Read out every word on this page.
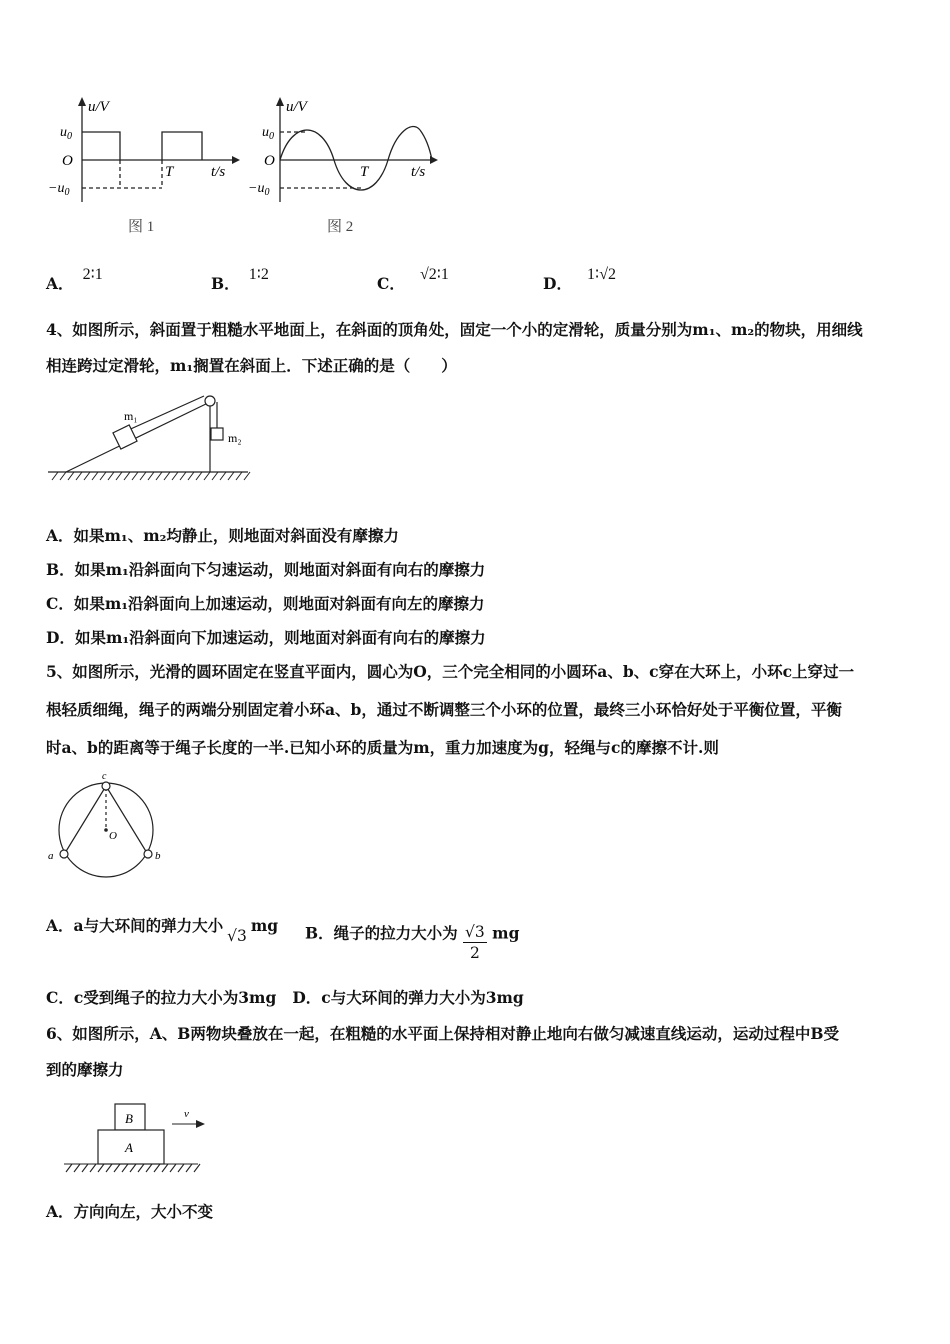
u/V
$u_0$
O
$-u_0$
T	t/s
图 1
u/V
$u_0$
O
$-u_0$
T	t/s
图 2
A． 2∶1	B． 1∶2	C． √2∶1	D． 1∶√2
4、如图所示，斜面置于粗糙水平地面上，在斜面的顶角处，固定一个小的定滑轮，质量分别为m₁、m₂的物块，用细线
相连跨过定滑轮，m₁搁置在斜面上．下述正确的是（　　）
m₁
m₂
A．如果m₁、m₂均静止，则地面对斜面没有摩擦力
B．如果m₁沿斜面向下匀速运动，则地面对斜面有向右的摩擦力
C．如果m₁沿斜面向上加速运动，则地面对斜面有向左的摩擦力
D．如果m₁沿斜面向下加速运动，则地面对斜面有向右的摩擦力
5、如图所示，光滑的圆环固定在竖直平面内，圆心为O，三个完全相同的小圆环a、b、c穿在大环上，小环c上穿过一
根轻质细绳，绳子的两端分别固定着小环a、b，通过不断调整三个小环的位置，最终三小环恰好处于平衡位置，平衡
时a、b的距离等于绳子长度的一半.已知小环的质量为m，重力加速度为g，轻绳与c的摩擦不计.则
c
O
a	b
A．a与大环间的弹力大小√3mg B．绳子的拉力大小为 $\frac{√3}{2}$ mg
C．c受到绳子的拉力大小为3mg D．c与大环间的弹力大小为3mg
6、如图所示，A、B两物块叠放在一起，在粗糙的水平面上保持相对静止地向右做匀减速直线运动，运动过程中B受
到的摩擦力
B
A
v
A．方向向左，大小不变
